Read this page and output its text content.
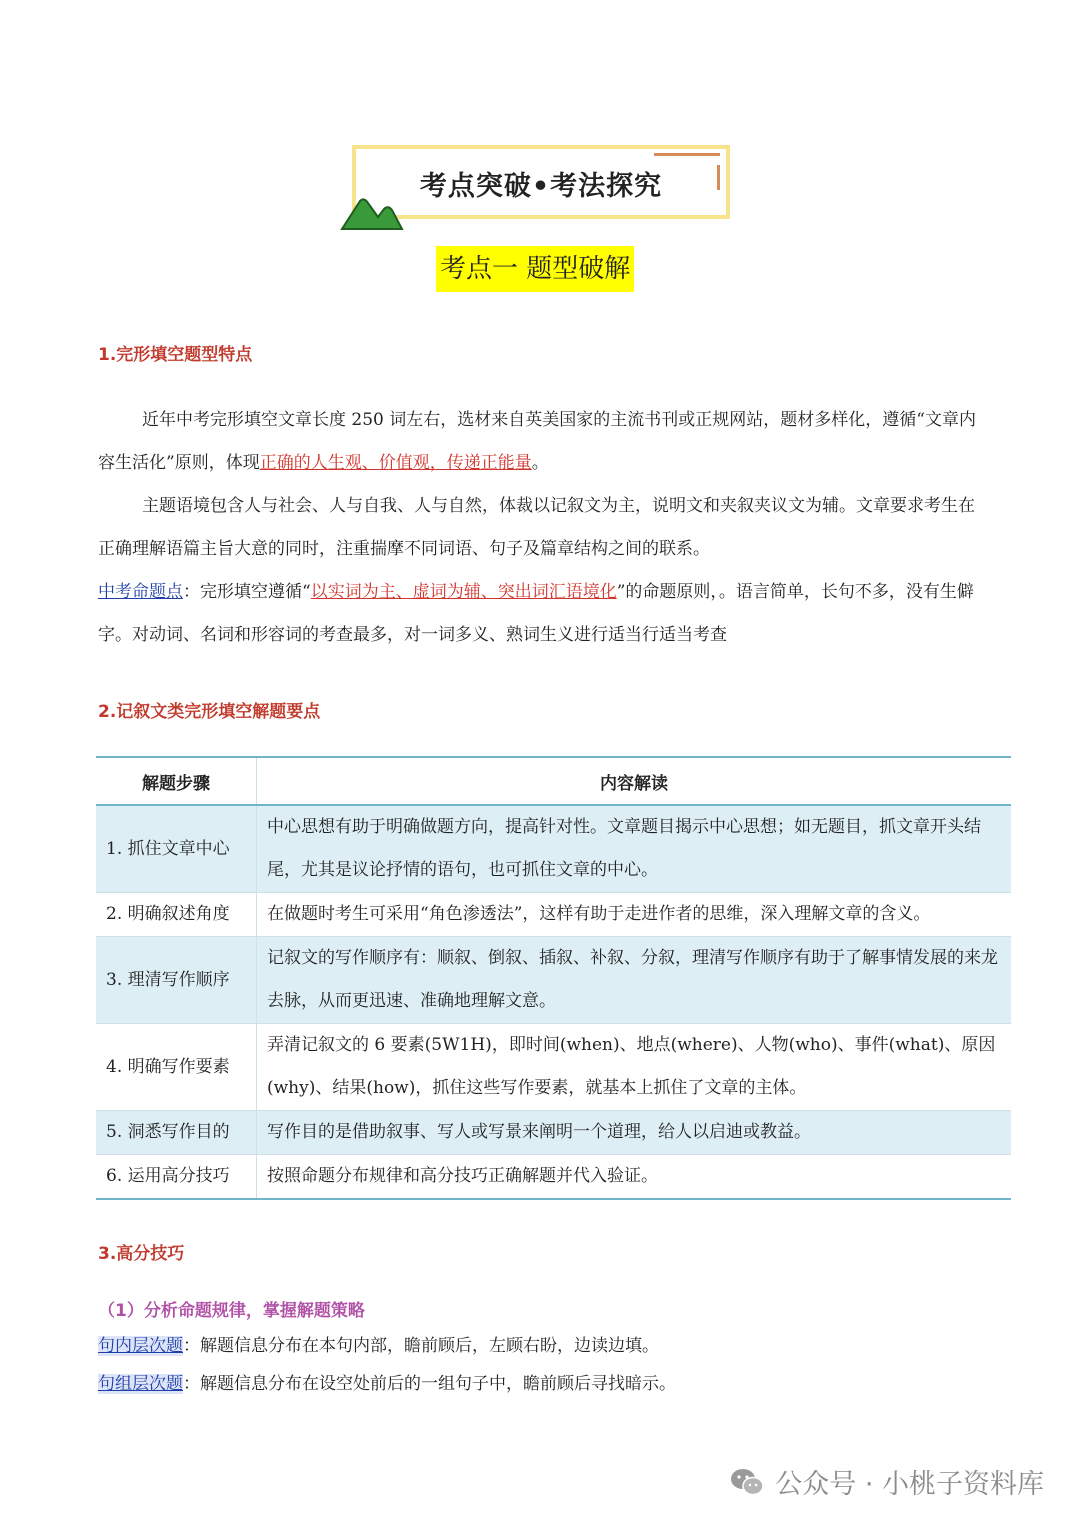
考点突破•考法探究
考点一 题型破解
1.完形填空题型特点
近年中考完形填空文章长度 250 词左右，选材来自英美国家的主流书刊或正规网站，题材多样化，遵循“文章内容生活化”原则，体现正确的人生观、价值观，传递正能量。
主题语境包含人与社会、人与自我、人与自然，体裁以记叙文为主，说明文和夹叙夹议文为辅。文章要求考生在正确理解语篇主旨大意的同时，注重揣摩不同词语、句子及篇章结构之间的联系。
中考命题点：完形填空遵循“以实词为主、虚词为辅、突出词汇语境化”的命题原则，。语言简单，长句不多，没有生僻字。对动词、名词和形容词的考查最多，对一词多义、熟词生义进行适当行适当考查
2.记叙文类完形填空解题要点
解题步骤	内容解读
1. 抓住文章中心	中心思想有助于明确做题方向，提高针对性。文章题目揭示中心思想；如无题目，抓文章开头结尾，尤其是议论抒情的语句，也可抓住文章的中心。
2. 明确叙述角度	在做题时考生可采用“角色渗透法”，这样有助于走进作者的思维，深入理解文章的含义。
3. 理清写作顺序	记叙文的写作顺序有：顺叙、倒叙、插叙、补叙、分叙，理清写作顺序有助于了解事情发展的来龙去脉，从而更迅速、准确地理解文意。
4. 明确写作要素	弄清记叙文的 6 要素(5W1H)，即时间(when)、地点(where)、人物(who)、事件(what)、原因(why)、结果(how)，抓住这些写作要素，就基本上抓住了文章的主体。
5. 洞悉写作目的	写作目的是借助叙事、写人或写景来阐明一个道理，给人以启迪或教益。
6. 运用高分技巧	按照命题分布规律和高分技巧正确解题并代入验证。
3.高分技巧
（1）分析命题规律，掌握解题策略
句内层次题：解题信息分布在本句内部，瞻前顾后，左顾右盼，边读边填。
句组层次题：解题信息分布在设空处前后的一组句子中，瞻前顾后寻找暗示。
公众号 · 小桃子资料库
